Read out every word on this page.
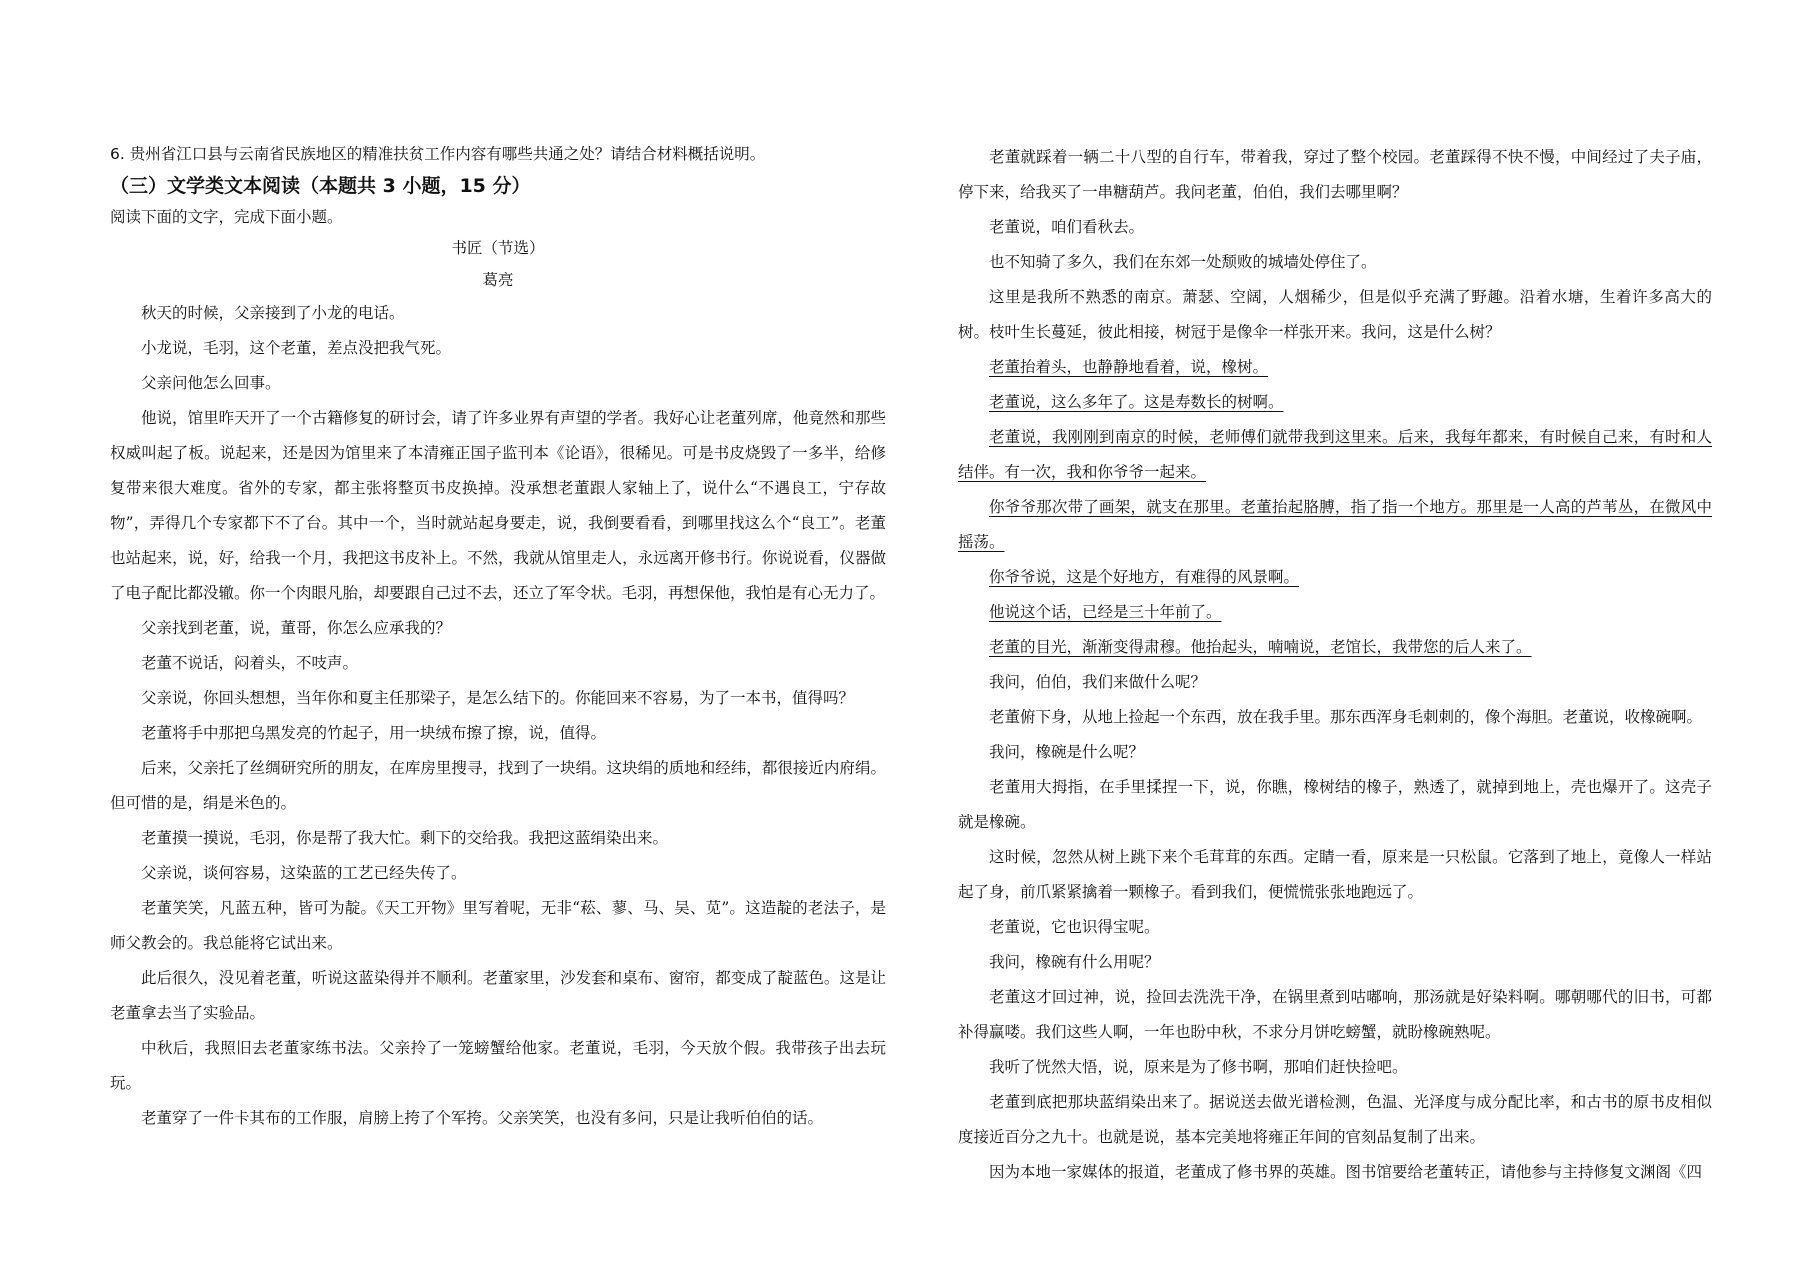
6. 贵州省江口县与云南省民族地区的精准扶贫工作内容有哪些共通之处？请结合材料概括说明。
（三）文学类文本阅读（本题共 3 小题，15 分）
阅读下面的文字，完成下面小题。
书匠（节选）
葛亮

秋天的时候，父亲接到了小龙的电话。

小龙说，毛羽，这个老董，差点没把我气死。

父亲问他怎么回事。

他说，馆里昨天开了一个古籍修复的研讨会，请了许多业界有声望的学者。我好心让老董列席，他竟然和那些权威叫起了板。说起来，还是因为馆里来了本清雍正国子监刊本《论语》，很稀见。可是书皮烧毁了一多半，给修复带来很大难度。省外的专家，都主张将整页书皮换掉。没承想老董跟人家轴上了，说什么“不遇良工，宁存故物”，弄得几个专家都下不了台。其中一个，当时就站起身要走，说，我倒要看看，到哪里找这么个“良工”。老董也站起来，说，好，给我一个月，我把这书皮补上。不然，我就从馆里走人，永远离开修书行。你说说看，仪器做了电子配比都没辙。你一个肉眼凡胎，却要跟自己过不去，还立了军令状。毛羽，再想保他，我怕是有心无力了。

父亲找到老董，说，董哥，你怎么应承我的？

老董不说话，闷着头，不吱声。

父亲说，你回头想想，当年你和夏主任那梁子，是怎么结下的。你能回来不容易，为了一本书，值得吗？

老董将手中那把乌黑发亮的竹起子，用一块绒布擦了擦，说，值得。

后来，父亲托了丝绸研究所的朋友，在库房里搜寻，找到了一块绢。这块绢的质地和经纬，都很接近内府绢。但可惜的是，绢是米色的。

老董摸一摸说，毛羽，你是帮了我大忙。剩下的交给我。我把这蓝绢染出来。

父亲说，谈何容易，这染蓝的工艺已经失传了。

老董笑笑，凡蓝五种，皆可为靛。《天工开物》里写着呢，无非“菘、蓼、马、吴、苋”。这造靛的老法子，是师父教会的。我总能将它试出来。

此后很久，没见着老董，听说这蓝染得并不顺利。老董家里，沙发套和桌布、窗帘，都变成了靛蓝色。这是让老董拿去当了实验品。

中秋后，我照旧去老董家练书法。父亲拎了一笼螃蟹给他家。老董说，毛羽，今天放个假。我带孩子出去玩玩。

老董穿了一件卡其布的工作服，肩膀上挎了个军挎。父亲笑笑，也没有多问，只是让我听伯伯的话。

老董就踩着一辆二十八型的自行车，带着我，穿过了整个校园。老董踩得不快不慢，中间经过了夫子庙，停下来，给我买了一串糖葫芦。我问老董，伯伯，我们去哪里啊？

老董说，咱们看秋去。

也不知骑了多久，我们在东郊一处颓败的城墙处停住了。

这里是我所不熟悉的南京。萧瑟、空阔，人烟稀少，但是似乎充满了野趣。沿着水塘，生着许多高大的树。枝叶生长蔓延，彼此相接，树冠于是像伞一样张开来。我问，这是什么树？

老董抬着头，也静静地看着，说，橡树。

老董说，这么多年了。这是寿数长的树啊。

老董说，我刚刚到南京的时候，老师傅们就带我到这里来。后来，我每年都来，有时候自己来，有时和人结伴。有一次，我和你爷爷一起来。

你爷爷那次带了画架，就支在那里。老董抬起胳膊，指了指一个地方。那里是一人高的芦苇丛，在微风中摇荡。

你爷爷说，这是个好地方，有难得的风景啊。

他说这个话，已经是三十年前了。

老董的目光，渐渐变得肃穆。他抬起头，喃喃说，老馆长，我带您的后人来了。

我问，伯伯，我们来做什么呢？

老董俯下身，从地上捡起一个东西，放在我手里。那东西浑身毛刺刺的，像个海胆。老董说，收橡碗啊。

我问，橡碗是什么呢？

老董用大拇指，在手里揉捏一下，说，你瞧，橡树结的橡子，熟透了，就掉到地上，壳也爆开了。这壳子就是橡碗。

这时候，忽然从树上跳下来个毛茸茸的东西。定睛一看，原来是一只松鼠。它落到了地上，竟像人一样站起了身，前爪紧紧擒着一颗橡子。看到我们，便慌慌张张地跑远了。

老董说，它也识得宝呢。

我问，橡碗有什么用呢？

老董这才回过神，说，捡回去洗洗干净，在锅里煮到咕嘟响，那汤就是好染料啊。哪朝哪代的旧书，可都补得赢喽。我们这些人啊，一年也盼中秋，不求分月饼吃螃蟹，就盼橡碗熟呢。

我听了恍然大悟，说，原来是为了修书啊，那咱们赶快捡吧。

老董到底把那块蓝绢染出来了。据说送去做光谱检测，色温、光泽度与成分配比率，和古书的原书皮相似度接近百分之九十。也就是说，基本完美地将雍正年间的官刻品复制了出来。

因为本地一家媒体的报道，老董成了修书界的英雄。图书馆要给老董转正，请他参与主持修复文渊阁《四
